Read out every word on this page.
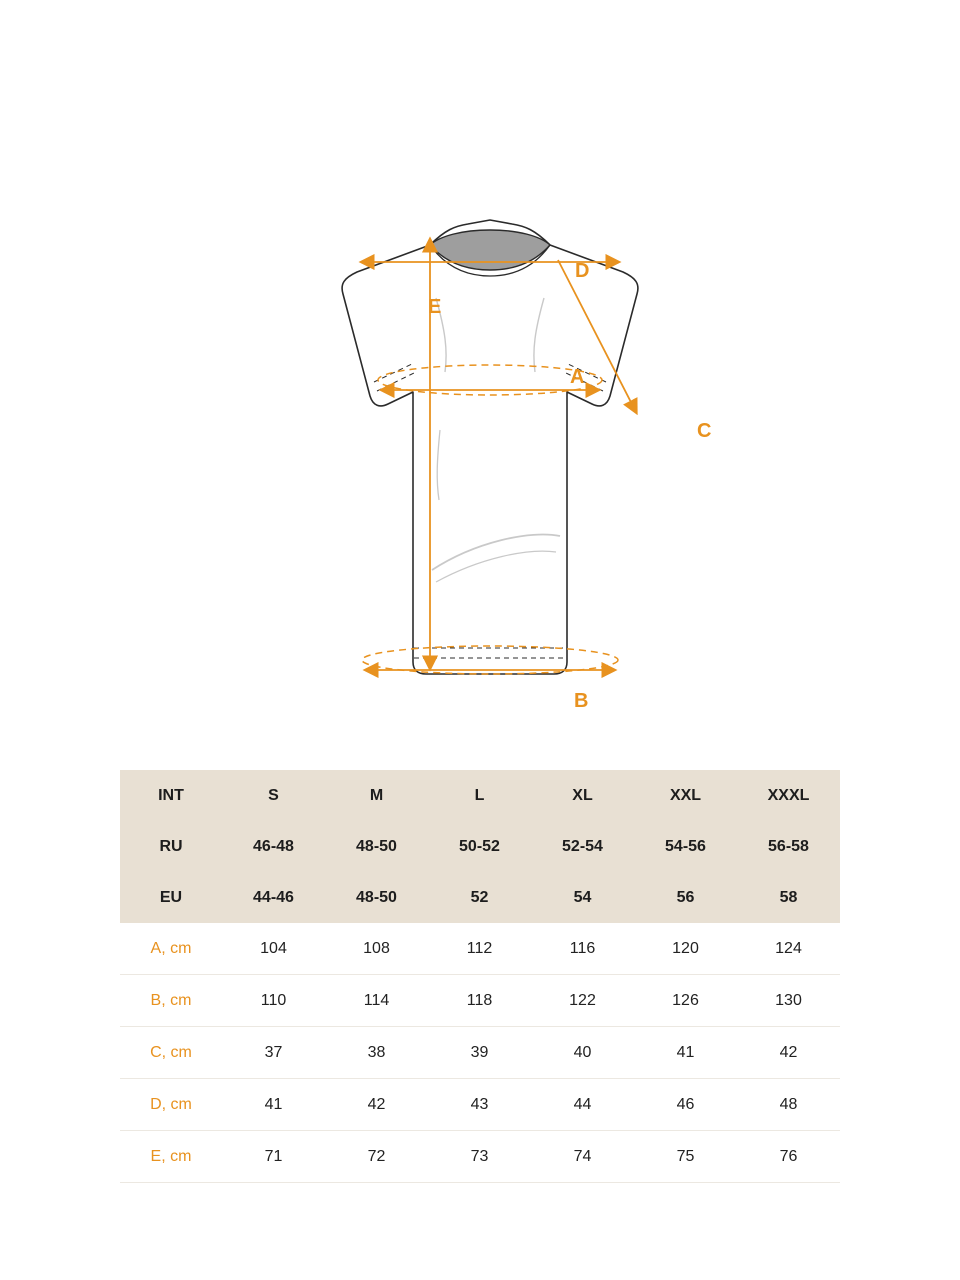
D
E
A
C
B
INT	S	M	L	XL	XXL	XXXL
RU	46-48	48-50	50-52	52-54	54-56	56-58
EU	44-46	48-50	52	54	56	58
A, cm	104	108	112	116	120	124
B, cm	110	114	118	122	126	130
C, cm	37	38	39	40	41	42
D, cm	41	42	43	44	46	48
E, cm	71	72	73	74	75	76
